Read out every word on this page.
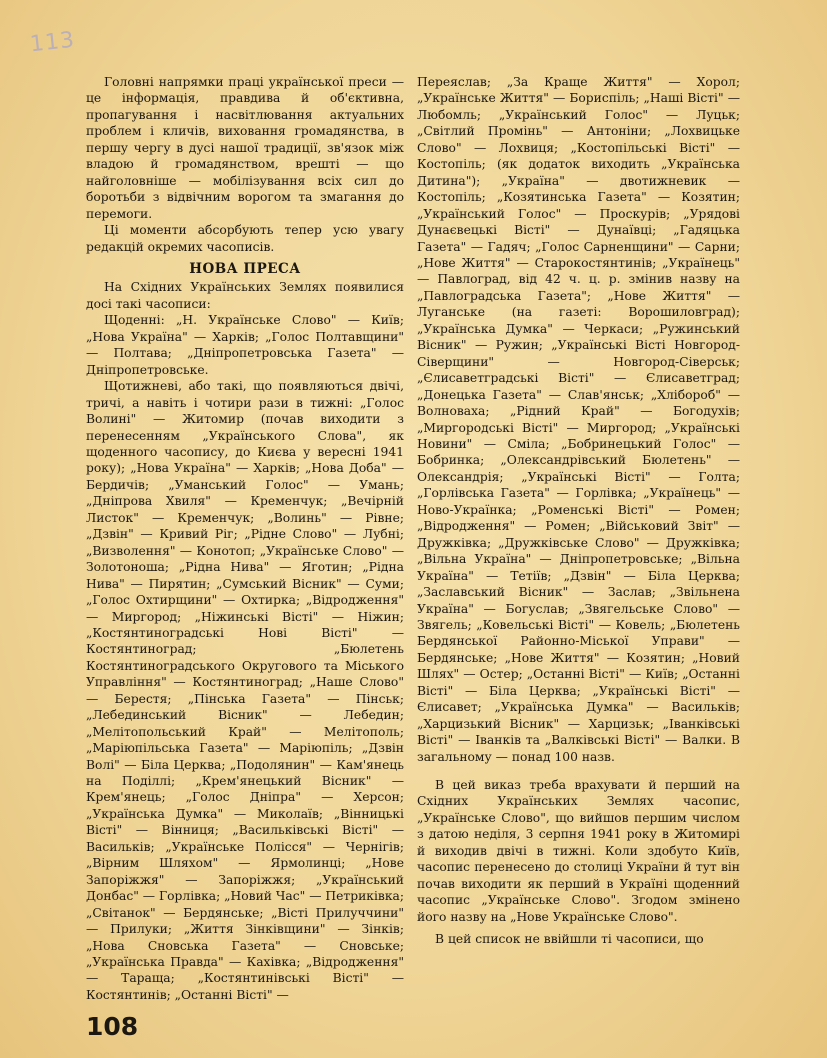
113

Головні напрямки праці української преси — це інформація, правдива й об'єктивна, пропагування і насвітлювання актуальних проблем і кличів, виховання громадянства, в першу чергу в дусі нашої традиції, зв'язок між владою й громадянством, врешті — що найголовніше — мобілізування всіх сил до боротьби з відвічним ворогом та змагання до перемоги.

Ці моменти абсорбують тепер усю увагу редакцій окремих часописів.

НОВА ПРЕСА

На Східних Українських Землях появилися досі такі часописи:

Щоденні: „Н. Українське Слово" — Київ; „Нова Україна" — Харків; „Голос Полтавщини" — Полтава; „Дніпропетровська Газета" — Дніпропетровське.

Щотижневі, або такі, що появляються двічі, тричі, а навіть і чотири рази в тижні: „Голос Волині" — Житомир (почав виходити з перенесенням „Українського Слова", як щоденного часопису, до Києва у вересні 1941 року); „Нова Україна" — Харків; „Нова Доба" — Бердичів; „Уманський Голос" — Умань; „Дніпрова Хвиля" — Кременчук; „Вечірній Листок" — Кременчук; „Волинь" — Рівне; „Дзвін" — Кривий Ріг; „Рідне Слово" — Лубні; „Визволення" — Конотоп; „Українське Слово" — Золотоноша; „Рідна Нива" — Яготин; „Рідна Нива" — Пирятин; „Сумський Вісник" — Суми; „Голос Охтирщини" — Охтирка; „Відродження" — Миргород; „Ніжинські Вісті" — Ніжин; „Костянтиноградські Нові Вісті" — Костянтиноград; „Бюлетень Костянтиноградського Округового та Міського Управління" — Костянтиноград; „Наше Слово" — Берестя; „Пінська Газета" — Пінськ; „Лебединський Вісник" — Лебедин; „Мелітопольський Край" — Мелітополь; „Маріюпільська Газета" — Маріюпіль; „Дзвін Волі" — Біла Церква; „Подолянин" — Кам'янець на Поділлі; „Крем'янецький Вісник" — Крем'янець; „Голос Дніпра" — Херсон; „Українська Думка" — Миколаїв; „Вінницькі Вісті" — Вінниця; „Васильківські Вісті" — Васильків; „Українське Полісся" — Чернігів; „Вірним Шляхом" — Ярмолинці; „Нове Запоріжжя" — Запоріжжя; „Український Донбас" — Горлівка; „Новий Час" — Петриківка; „Світанок" — Бердянське; „Вісті Прилуччини" — Прилуки; „Життя Зінківщини" — Зінків; „Нова Сновська Газета" — Сновське; „Українська Правда" — Кахівка; „Відродження" — Тараща; „Костянтинівські Вісті" — Костянтинів; „Останні Вісті" —

Переяслав; „За Краще Життя" — Хорол; „Українське Життя" — Бориспіль; „Наші Вісті" — Любомль; „Український Голос" — Луцьк; „Світлий Промінь" — Антоніни; „Лохвицьке Слово" — Лохвиця; „Костопільські Вісті" — Костопіль; (як додаток виходить „Українська Дитина"); „Україна" — двотижневик — Костопіль; „Козятинська Газета" — Козятин; „Український Голос" — Проскурів; „Урядові Дунаєвецькі Вісті" — Дунаївці; „Гадяцька Газета" — Гадяч; „Голос Сарненщини" — Сарни; „Нове Життя" — Старокостянтинів; „Українець" — Павлоград, від 42 ч. ц. р. змінив назву на „Павлоградська Газета"; „Нове Життя" — Луганське (на газеті: Ворошиловград); „Українська Думка" — Черкаси; „Ружинський Вісник" — Ружин; „Українські Вісті Новгород-Сіверщини" — Новгород-Сіверськ; „Єлисаветградські Вісті" — Єлисаветград; „Донецька Газета" — Слав'янськ; „Хлібороб" — Волноваха; „Рідний Край" — Богодухів; „Миргородські Вісті" — Миргород; „Українські Новини" — Сміла; „Бобринецький Голос" — Бобринка; „Олександрівський Бюлетень" — Олександрія; „Українські Вісті" — Голта; „Горлівська Газета" — Горлівка; „Українець" —Ново-Українка; „Роменські Вісті" — Ромен; „Відродження" — Ромен; „Військовий Звіт" — Дружківка; „Дружківське Слово" — Дружківка; „Вільна Україна" — Дніпропетровське; „Вільна Україна" — Тетіїв; „Дзвін" — Біла Церква; „Заславський Вісник" — Заслав; „Звільнена Україна" — Богуслав; „Звягельське Слово" — Звягель; „Ковельські Вісті" — Ковель; „Бюлетень Бердянської Районно-Міської Управи" — Бердянське; „Нове Життя" — Козятин; „Новий Шлях" — Остер; „Останні Вісті" — Київ; „Останні Вісті" — Біла Церква; „Українські Вісті" — Єлисавет; „Українська Думка" — Васильків; „Харцизький Вісник" — Харцизьк; „Іванківські Вісті" — Іванків та „Валківські Вісті" — Валки. В загальному — понад 100 назв.

В цей виказ треба врахувати й перший на Східних Українських Землях часопис, „Українське Слово", що вийшов першим числом з датою неділя, 3 серпня 1941 року в Житомирі й виходив двічі в тижні. Коли здобуто Київ, часопис перенесено до столиці України й тут він почав виходити як перший в Україні щоденний часопис „Українське Слово". Згодом змінено його назву на „Нове Українське Слово".

В цей список не ввійшли ті часописи, що

108
